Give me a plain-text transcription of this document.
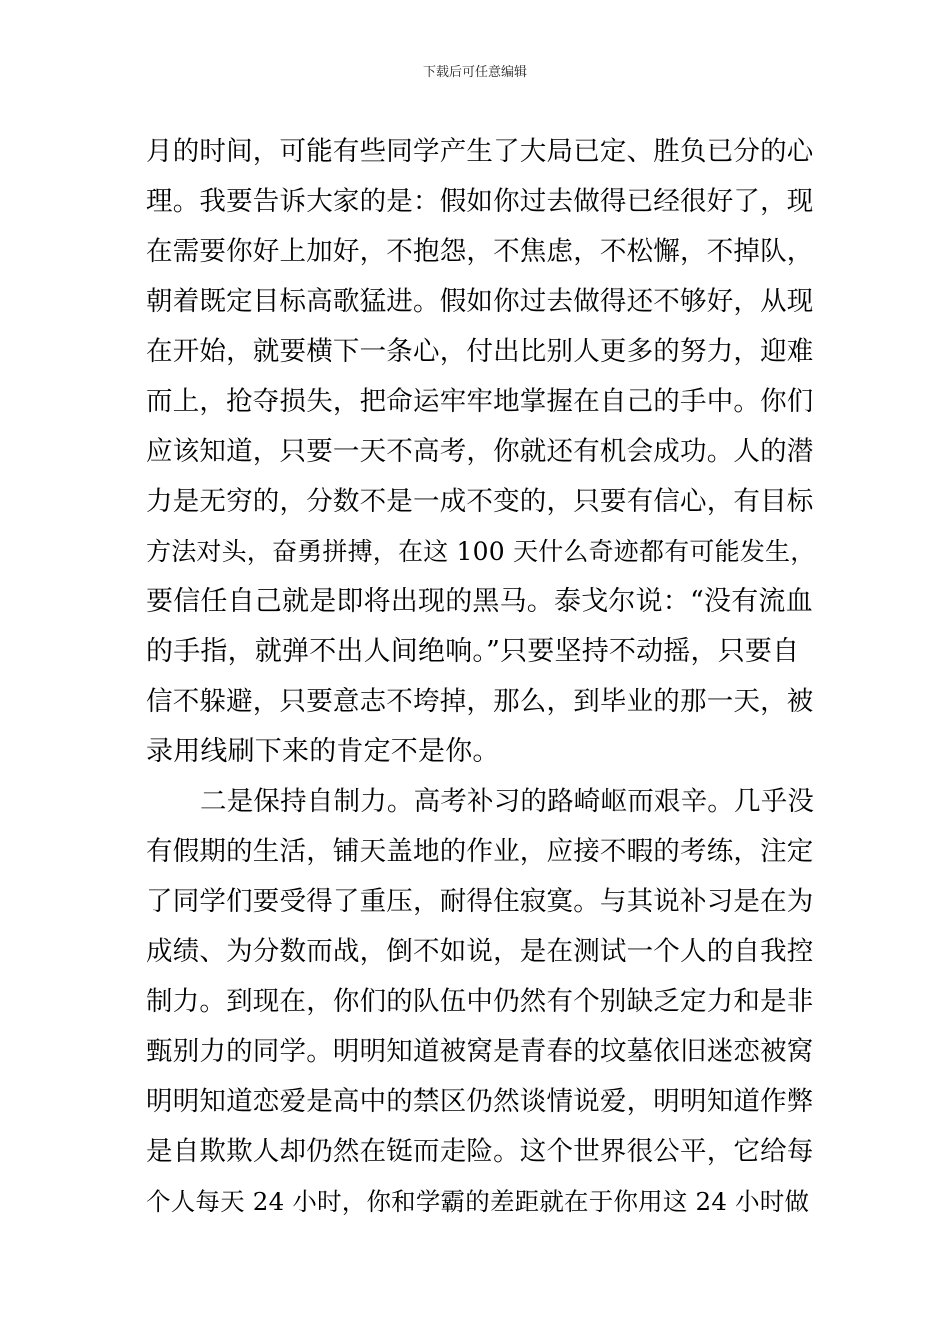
下载后可任意编辑
月的时间，可能有些同学产生了大局已定、胜负已分的心
理。我要告诉大家的是：假如你过去做得已经很好了，现
在需要你好上加好，不抱怨，不焦虑，不松懈，不掉队，
朝着既定目标高歌猛进。假如你过去做得还不够好，从现
在开始，就要横下一条心，付出比别人更多的努力，迎难
而上，抢夺损失，把命运牢牢地掌握在自己的手中。你们
应该知道，只要一天不高考，你就还有机会成功。人的潜
力是无穷的，分数不是一成不变的，只要有信心，有目标
方法对头，奋勇拼搏，在这 100 天什么奇迹都有可能发生，
要信任自己就是即将出现的黑马。泰戈尔说：“没有流血
的手指，就弹不出人间绝响。”只要坚持不动摇，只要自
信不躲避，只要意志不垮掉，那么，到毕业的那一天，被
录用线刷下来的肯定不是你。
二是保持自制力。高考补习的路崎岖而艰辛。几乎没
有假期的生活，铺天盖地的作业，应接不暇的考练，注定
了同学们要受得了重压，耐得住寂寞。与其说补习是在为
成绩、为分数而战，倒不如说，是在测试一个人的自我控
制力。到现在，你们的队伍中仍然有个别缺乏定力和是非
甄别力的同学。明明知道被窝是青春的坟墓依旧迷恋被窝
明明知道恋爱是高中的禁区仍然谈情说爱，明明知道作弊
是自欺欺人却仍然在铤而走险。这个世界很公平，它给每
个人每天 24 小时，你和学霸的差距就在于你用这 24 小时做
